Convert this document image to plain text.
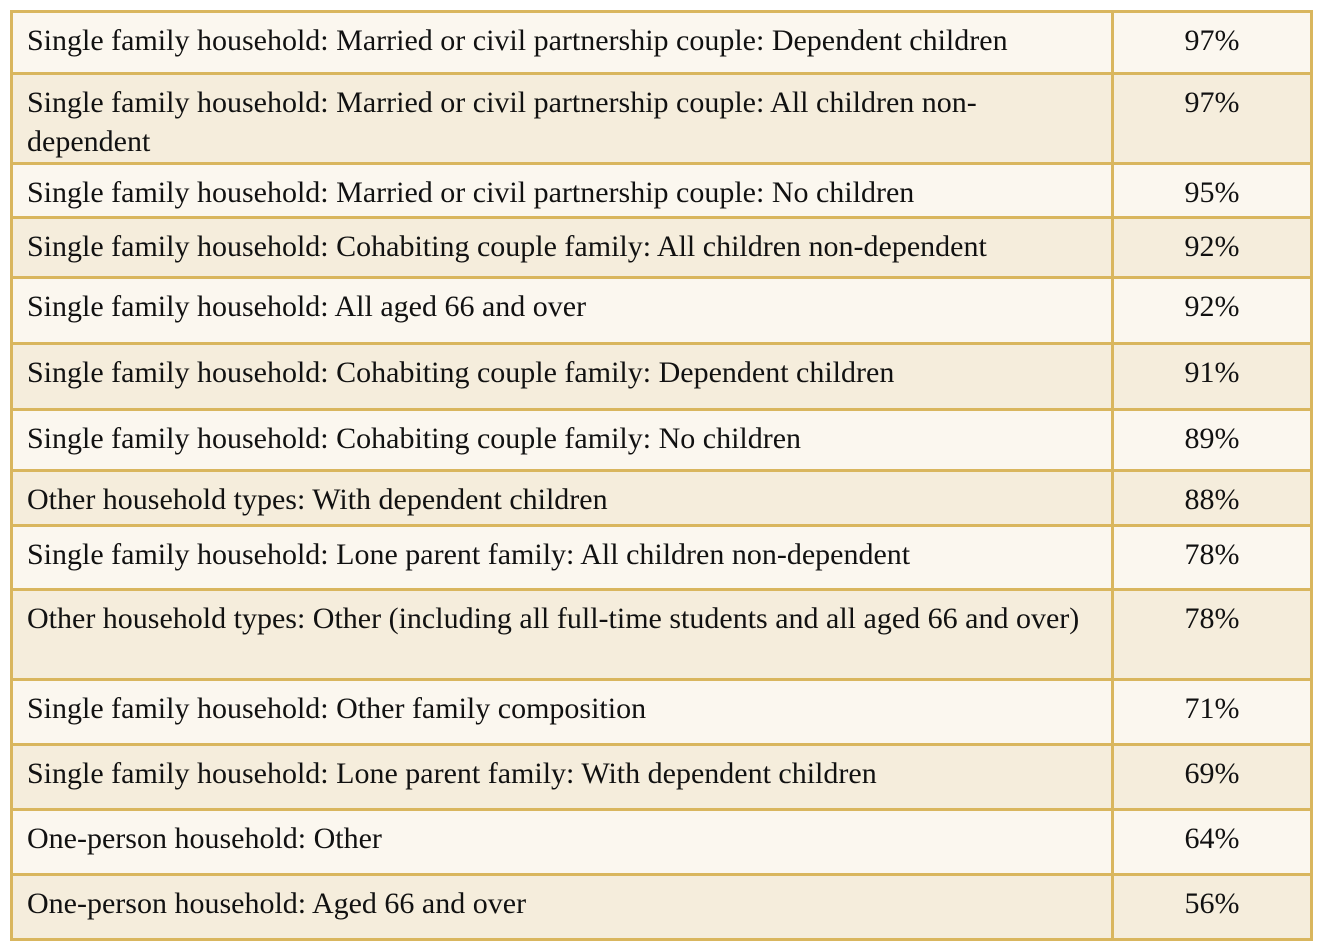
Single family household: Married or civil partnership couple: Dependent children	97%
Single family household: Married or civil partnership couple: All children non-dependent	97%
Single family household: Married or civil partnership couple: No children	95%
Single family household: Cohabiting couple family: All children non-dependent	92%
Single family household: All aged 66 and over	92%
Single family household: Cohabiting couple family: Dependent children	91%
Single family household: Cohabiting couple family: No children	89%
Other household types: With dependent children	88%
Single family household: Lone parent family: All children non-dependent	78%
Other household types: Other (including all full-time students and all aged 66 and over)	78%
Single family household: Other family composition	71%
Single family household: Lone parent family: With dependent children	69%
One-person household: Other	64%
One-person household: Aged 66 and over	56%
